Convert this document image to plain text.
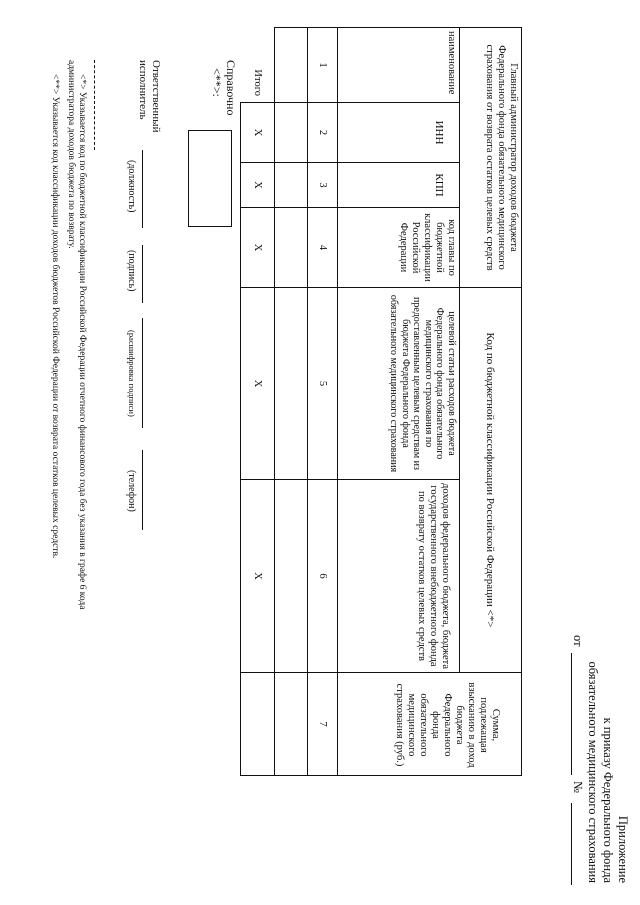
Приложение
к приказу Федерального фонда
обязательного медицинского страхования
от
№
Главный администратор доходов бюджета Федерального фонда обязательного медицинского страхования от возврата остатков целевых средств				Код по бюджетной классификации Российской Федерации <*>		Сумма, подлежащая взысканию в доход бюджета Федерального фонда обязательного медицинского страхования (руб.)
наименование	ИНН	КПП	код главы по бюджетной классификации Российской Федерации	целевой статьи расходов бюджета Федерального фонда обязательного медицинского страхования по предоставленным целевым средствам из бюджета Федерального фонда обязательного медицинского страхования	доходов федерального бюджета, бюджета государственного внебюджетного фонда по возврату остатков целевых средств	
1	2	3	4	5	6	7

Итого	Х	Х	Х	Х	Х	
Справочно
<**>:
Ответственный
исполнитель
(должность)
(подпись)
(расшифровка подписи)
(телефон)
<*> Указывается код по бюджетной классификации Российской Федерации отчетного финансового года без указания в графе 6 кода
администратора доходов бюджета по возврату.
<**> Указывается код классификации доходов бюджетов Российской Федерации от возврата остатков целевых средств.
